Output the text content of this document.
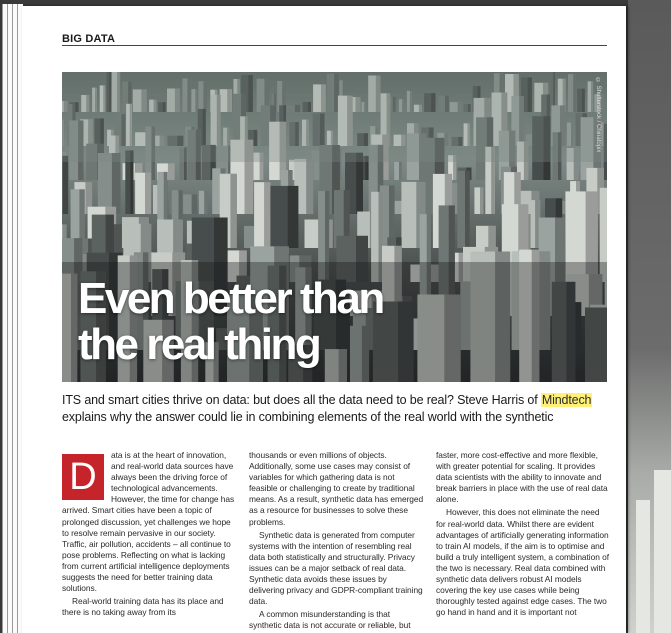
BIG DATA
© Shutterstock / Chinatopix
Even better than
the real thing

ITS and smart cities thrive on data: but does all the data need to be real? Steve Harris of Mindtech explains why the answer could lie in combining elements of the real world with the synthetic

D

ata is at the heart of innovation, and real-world data sources have always been the driving force of technological advancements. However, the time for change has arrived. Smart cities have been a topic of prolonged discussion, yet challenges we hope to resolve remain pervasive in our society. Traffic, air pollution, accidents – all continue to pose problems. Reflecting on what is lacking from current artificial intelligence deployments suggests the need for better training data solutions.

Real-world training data has its place and there is no taking away from its

thousands or even millions of objects. Additionally, some use cases may consist of variables for which gathering data is not feasible or challenging to create by traditional means. As a result, synthetic data has emerged as a resource for businesses to solve these problems.

Synthetic data is generated from computer systems with the intention of resembling real data both statistically and structurally. Privacy issues can be a major setback of real data. Synthetic data avoids these issues by delivering privacy and GDPR-compliant training data.

A common misunderstanding is that synthetic data is not accurate or reliable, but

faster, more cost-effective and more flexible, with greater potential for scaling. It provides data scientists with the ability to innovate and break barriers in place with the use of real data alone.

However, this does not eliminate the need for real-world data. Whilst there are evident advantages of artificially generating information to train AI models, if the aim is to optimise and build a truly intelligent system, a combination of the two is necessary. Real data combined with synthetic data delivers robust AI models covering the key use cases while being thoroughly tested against edge cases. The two go hand in hand and it is important not
